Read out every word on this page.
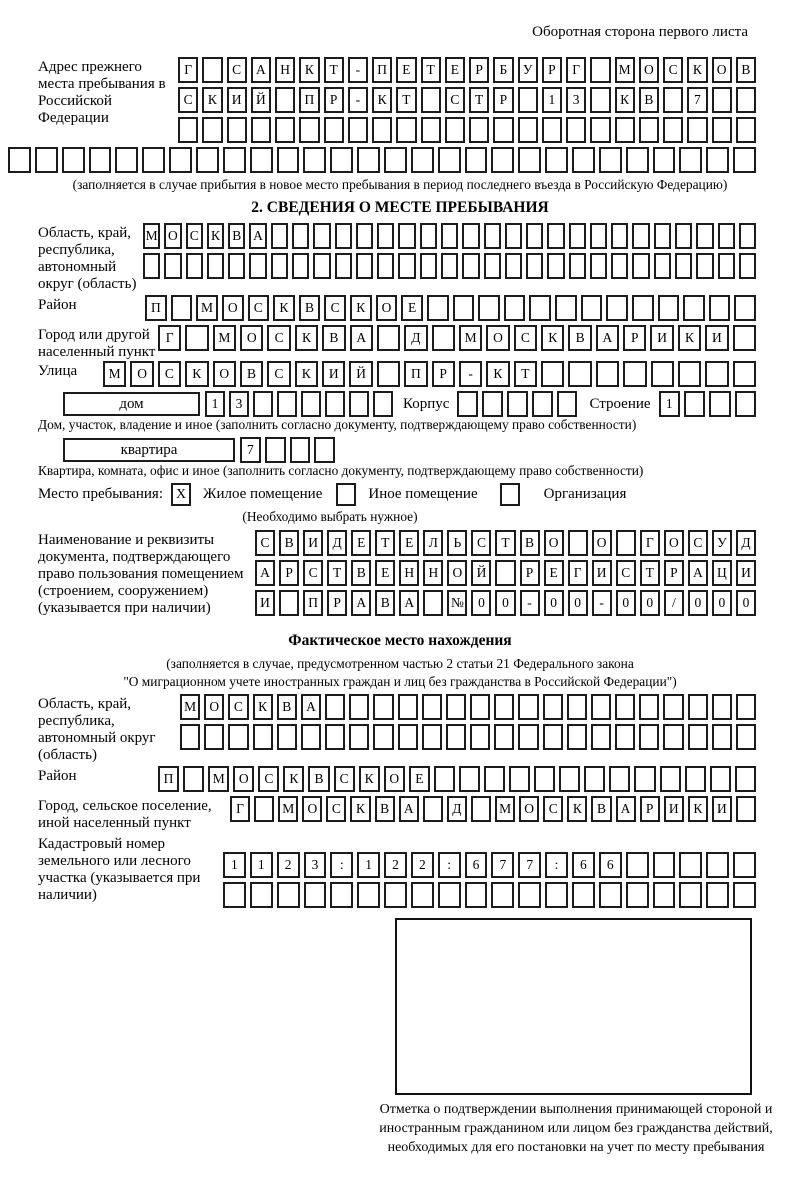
Оборотная сторона первого листа
Адрес прежнего места пребывания в Российской Федерации
Г	С	А	Н	К	Т	-	П	Е	Т	Е	Р	Б	У	Р	Г	М О	С	К	О	В
С	К	И	Й	П	Р	-	К	Т	С	Т	Р	1	3	К	В	7
(заполняется в случае прибытия в новое место пребывания в период последнего въезда в Российскую Федерацию)
2. СВЕДЕНИЯ О МЕСТЕ ПРЕБЫВАНИЯ
Область, край, республика, автономный округ (область)
М О С К В А
Район	П	М	О	С	К	В	С	К	О	Е
Город или другой населенный пункт
Г	М	О	С	К	В	А	Д	М	О	С	К	В	А	Р	И	К	И
Улица	М	О	С	К	О	В	С	К	И	Й	П	Р	-	К	Т
дом	1	3	Корпус	Строение	1
Дом, участок, владение и иное (заполнить согласно документу, подтверждающему право собственности)
квартира	7
Квартира, комната, офис и иное (заполнить согласно документу, подтверждающему право собственности)
Место пребывания: X	Жилое помещение	Иное помещение	Организация
(Необходимо выбрать нужное)
Наименование и реквизиты документа, подтверждающего право пользования помещением (строением, сооружением) (указывается при наличии)
С	В	И	Д	Е	Т	Е	Л	Ь	С	Т	В	О	О	Г	О	С	У	Д
А	Р	С	Т	В	Е	Н	Н	О	Й	Р	Е	Г	И	С	Т	Р	А	Ц	И
И	П	Р	А	В	А	№	0	0	-	0	0	-	0	0	/	0	0	0
Фактическое место нахождения
(заполняется в случае, предусмотренном частью 2 статьи 21 Федерального закона
"О миграционном учете иностранных граждан и лиц без гражданства в Российской Федерации")
Область, край, республика, автономный округ (область)
М О	С	К	В	А
Район	П	М	О	С	К	В	С	К	О	Е
Город, сельское поселение, иной населенный пункт
Г	М О	С	К	В	А	Д	М О	С	К	В	А	Р	И	К	И
Кадастровый номер земельного или лесного участка (указывается при наличии)
1	1	2	3	:	1	2	2	:	6	7	7	:	6	6
Отметка о подтверждении выполнения принимающей стороной и иностранным гражданином или лицом без гражданства действий, необходимых для его постановки на учет по месту пребывания
